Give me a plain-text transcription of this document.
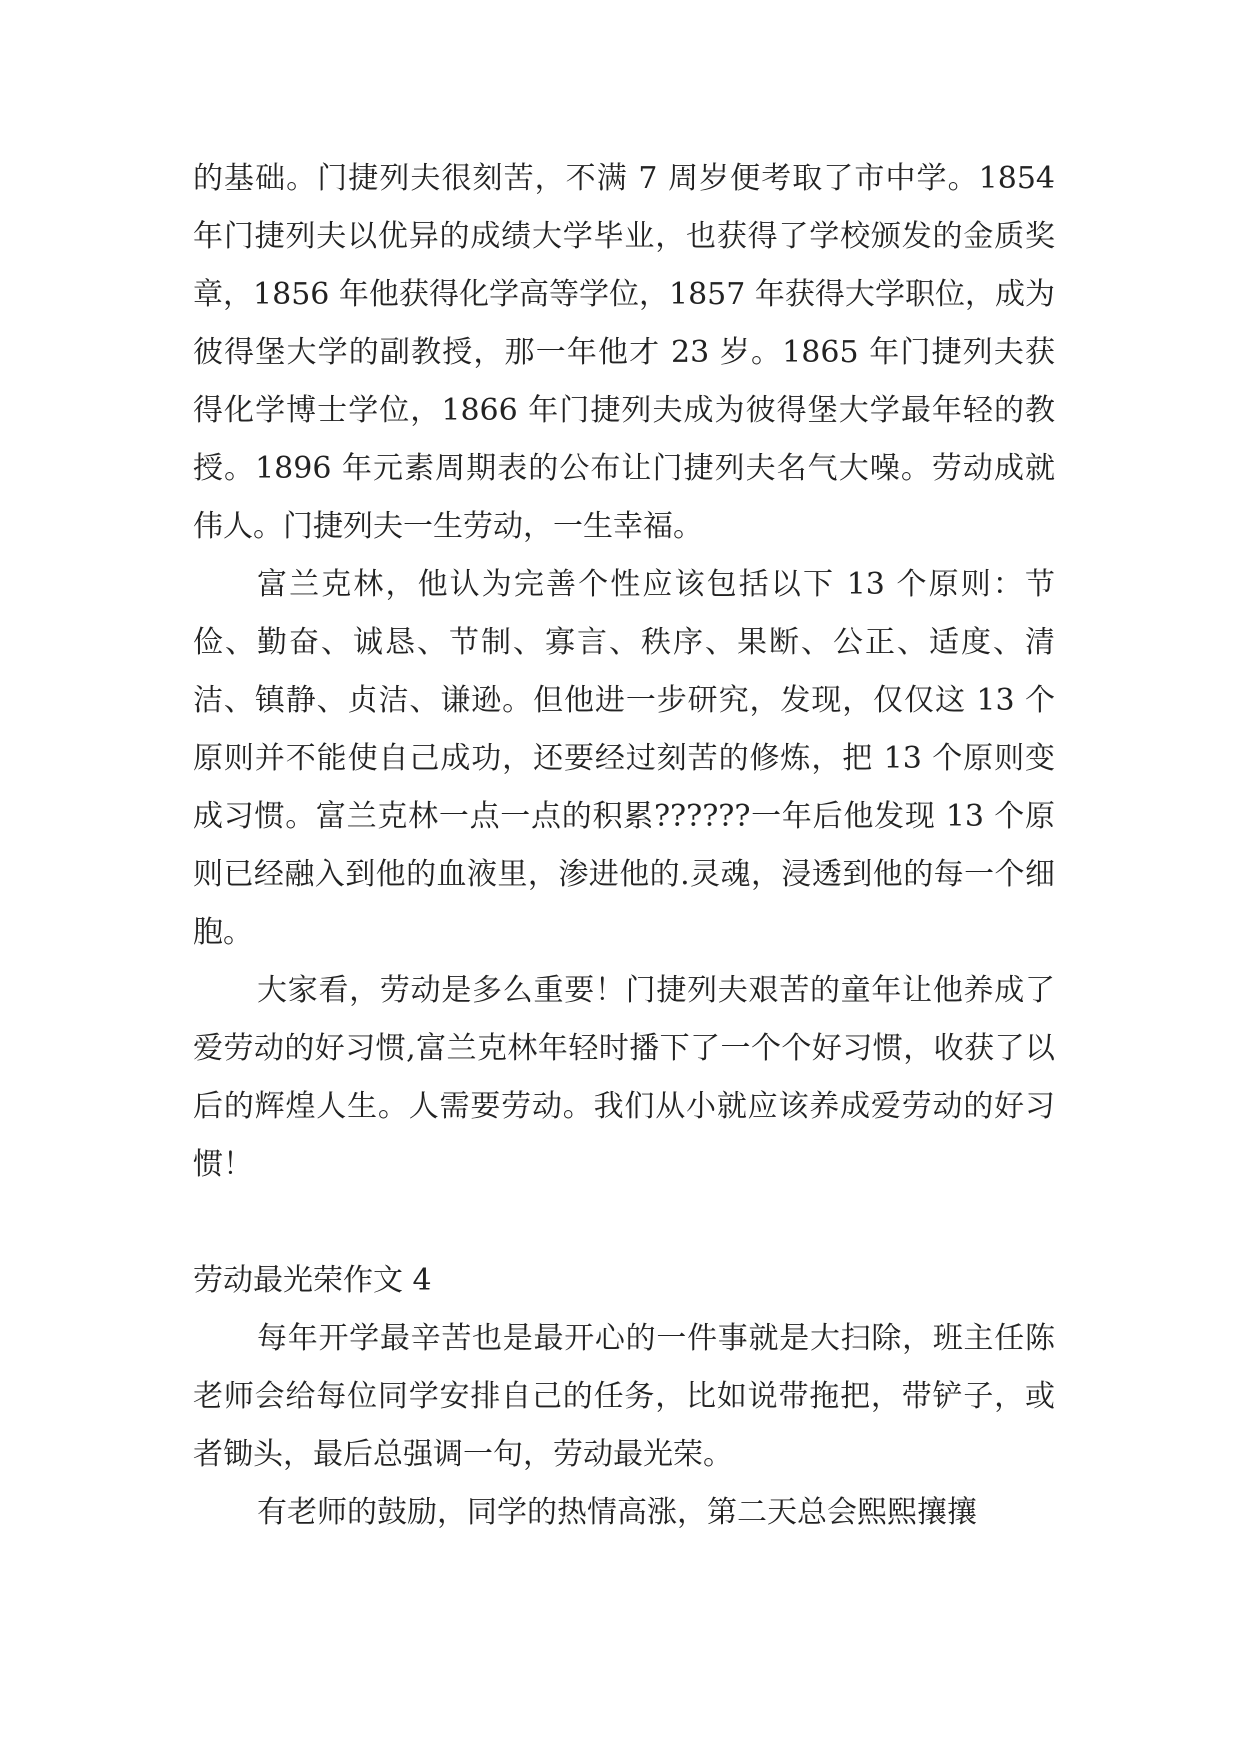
的基础。门捷列夫很刻苦，不满 7 周岁便考取了市中学。1854 年门捷列夫以优异的成绩大学毕业，也获得了学校颁发的金质奖章，1856 年他获得化学高等学位，1857 年获得大学职位，成为彼得堡大学的副教授，那一年他才 23 岁。1865 年门捷列夫获得化学博士学位，1866 年门捷列夫成为彼得堡大学最年轻的教授。1896 年元素周期表的公布让门捷列夫名气大噪。劳动成就伟人。门捷列夫一生劳动，一生幸福。

富兰克林，他认为完善个性应该包括以下 13 个原则：节俭、勤奋、诚恳、节制、寡言、秩序、果断、公正、适度、清洁、镇静、贞洁、谦逊。但他进一步研究，发现，仅仅这 13 个原则并不能使自己成功，还要经过刻苦的修炼，把 13 个原则变成习惯。富兰克林一点一点的积累??????一年后他发现 13 个原则已经融入到他的血液里，渗进他的.灵魂，浸透到他的每一个细胞。

大家看，劳动是多么重要！门捷列夫艰苦的童年让他养成了爱劳动的好习惯,富兰克林年轻时播下了一个个好习惯，收获了以后的辉煌人生。人需要劳动。我们从小就应该养成爱劳动的好习惯！

劳动最光荣作文 4

每年开学最辛苦也是最开心的一件事就是大扫除，班主任陈老师会给每位同学安排自己的任务，比如说带拖把，带铲子，或者锄头，最后总强调一句，劳动最光荣。

有老师的鼓励，同学的热情高涨，第二天总会熙熙攘攘
